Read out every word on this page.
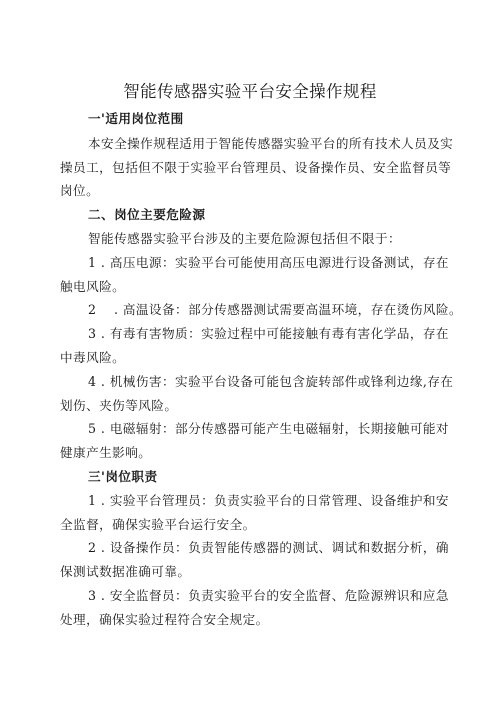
智能传感器实验平台安全操作规程
一'适用岗位范围
本安全操作规程适用于智能传感器实验平台的所有技术人员及实
操员工，包括但不限于实验平台管理员、设备操作员、安全监督员等
岗位。
二、岗位主要危险源
智能传感器实验平台涉及的主要危险源包括但不限于：
1 . 高压电源：实验平台可能使用高压电源进行设备测试，存在
触电风险。
2　 . 高温设备：部分传感器测试需要高温环境，存在烫伤风险。
3 . 有毒有害物质：实验过程中可能接触有毒有害化学品，存在
中毒风险。
4 . 机械伤害：实验平台设备可能包含旋转部件或锋利边缘,存在
划伤、夹伤等风险。
5 . 电磁辐射：部分传感器可能产生电磁辐射，长期接触可能对
健康产生影响。
三'岗位职责
1 . 实验平台管理员：负责实验平台的日常管理、设备维护和安
全监督，确保实验平台运行安全。
2 . 设备操作员：负责智能传感器的测试、调试和数据分析，确
保测试数据准确可靠。
3 . 安全监督员：负责实验平台的安全监督、危险源辨识和应急
处理，确保实验过程符合安全规定。
